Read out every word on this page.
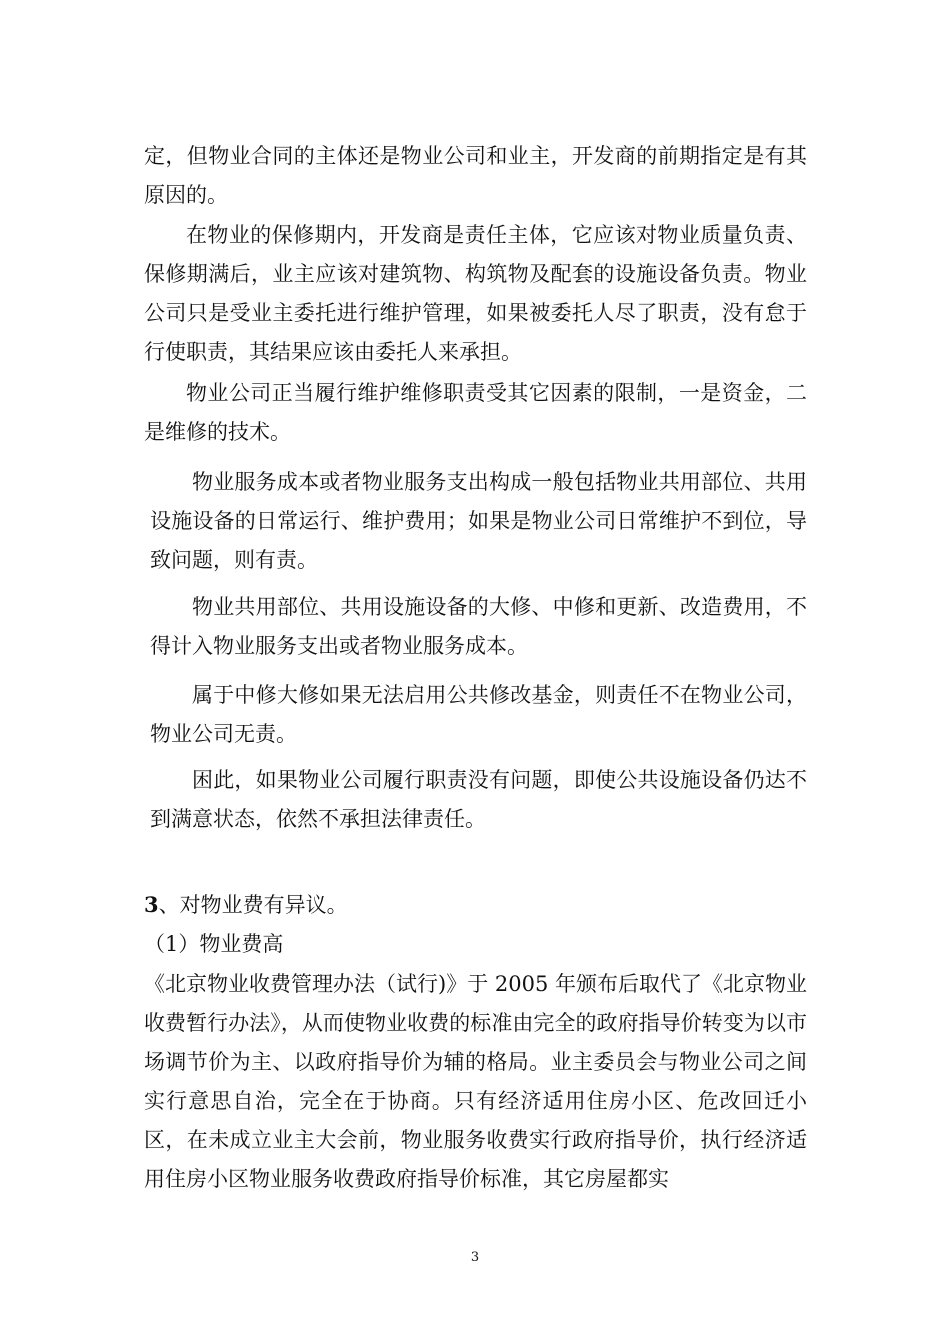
定，但物业合同的主体还是物业公司和业主，开发商的前期指定是有其原因的。

在物业的保修期内，开发商是责任主体，它应该对物业质量负责、保修期满后，业主应该对建筑物、构筑物及配套的设施设备负责。物业公司只是受业主委托进行维护管理，如果被委托人尽了职责，没有怠于行使职责，其结果应该由委托人来承担。

物业公司正当履行维护维修职责受其它因素的限制，一是资金，二是维修的技术。

物业服务成本或者物业服务支出构成一般包括物业共用部位、共用设施设备的日常运行、维护费用；如果是物业公司日常维护不到位，导致问题，则有责。

物业共用部位、共用设施设备的大修、中修和更新、改造费用，不得计入物业服务支出或者物业服务成本。

属于中修大修如果无法启用公共修改基金，则责任不在物业公司，物业公司无责。

困此，如果物业公司履行职责没有问题，即使公共设施设备仍达不到满意状态，依然不承担法律责任。

3、对物业费有异议。

（1）物业费高

《北京物业收费管理办法（试行)》于 2005 年颁布后取代了《北京物业收费暂行办法》，从而使物业收费的标准由完全的政府指导价转变为以市场调节价为主、以政府指导价为辅的格局。业主委员会与物业公司之间实行意思自治，完全在于协商。只有经济适用住房小区、危改回迁小区，在未成立业主大会前，物业服务收费实行政府指导价，执行经济适用住房小区物业服务收费政府指导价标准，其它房屋都实

3
